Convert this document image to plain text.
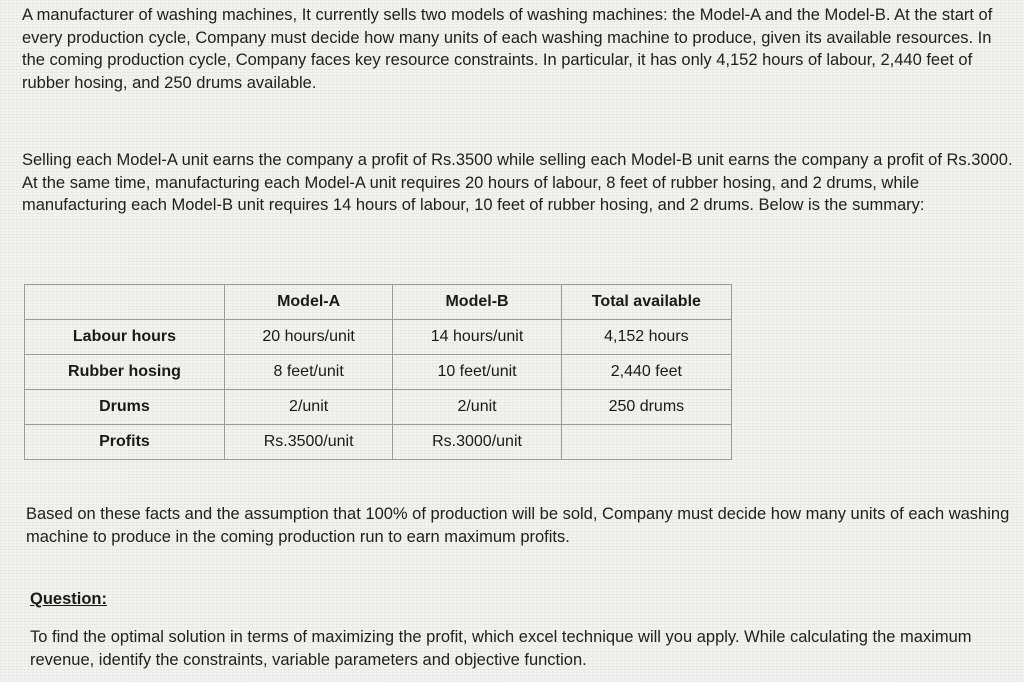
A manufacturer of washing machines, It currently sells two models of washing machines: the Model-A and the Model-B. At the start of every production cycle, Company must decide how many units of each washing machine to produce, given its available resources. In the coming production cycle, Company faces key resource constraints. In particular, it has only 4,152 hours of labour, 2,440 feet of rubber hosing, and 250 drums available.

Selling each Model-A unit earns the company a profit of Rs.3500 while selling each Model-B unit earns the company a profit of Rs.3000. At the same time, manufacturing each Model-A unit requires 20 hours of labour, 8 feet of rubber hosing, and 2 drums, while manufacturing each Model-B unit requires 14 hours of labour, 10 feet of rubber hosing, and 2 drums. Below is the summary:

	Model-A	Model-B	Total available
Labour hours	20 hours/unit	14 hours/unit	4,152 hours
Rubber hosing	8 feet/unit	10 feet/unit	2,440 feet
Drums	2/unit	2/unit	250 drums
Profits	Rs.3500/unit	Rs.3000/unit	

Based on these facts and the assumption that 100% of production will be sold, Company must decide how many units of each washing machine to produce in the coming production run to earn maximum profits.

Question:

To find the optimal solution in terms of maximizing the profit, which excel technique will you apply. While calculating the maximum revenue, identify the constraints, variable parameters and objective function.
